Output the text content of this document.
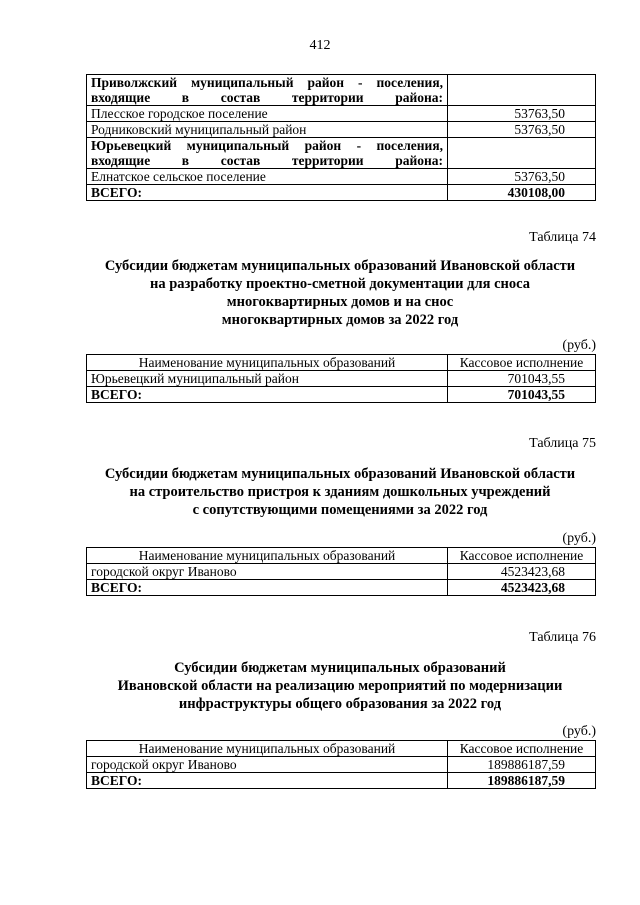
412
Приволжский муниципальный район - поселения, входящие в состав территории района:	
Плесское городское поселение	53763,50
Родниковский муниципальный район	53763,50
Юрьевецкий муниципальный район - поселения, входящие в состав территории района:	
Елнатское сельское поселение	53763,50
ВСЕГО:	430108,00
Таблица 74
Субсидии бюджетам муниципальных образований Ивановской области
на разработку проектно-сметной документации для сноса
многоквартирных домов и на снос
многоквартирных домов за 2022 год
(руб.)
Наименование муниципальных образований	Кассовое исполнение
Юрьевецкий муниципальный район	701043,55
ВСЕГО:	701043,55
Таблица 75
Субсидии бюджетам муниципальных образований Ивановской области
на строительство пристроя к зданиям дошкольных учреждений
с сопутствующими помещениями за 2022 год
(руб.)
Наименование муниципальных образований	Кассовое исполнение
городской округ Иваново	4523423,68
ВСЕГО:	4523423,68
Таблица 76
Субсидии бюджетам муниципальных образований
Ивановской области на реализацию мероприятий по модернизации
инфраструктуры общего образования за 2022 год
(руб.)
Наименование муниципальных образований	Кассовое исполнение
городской округ Иваново	189886187,59
ВСЕГО:	189886187,59
